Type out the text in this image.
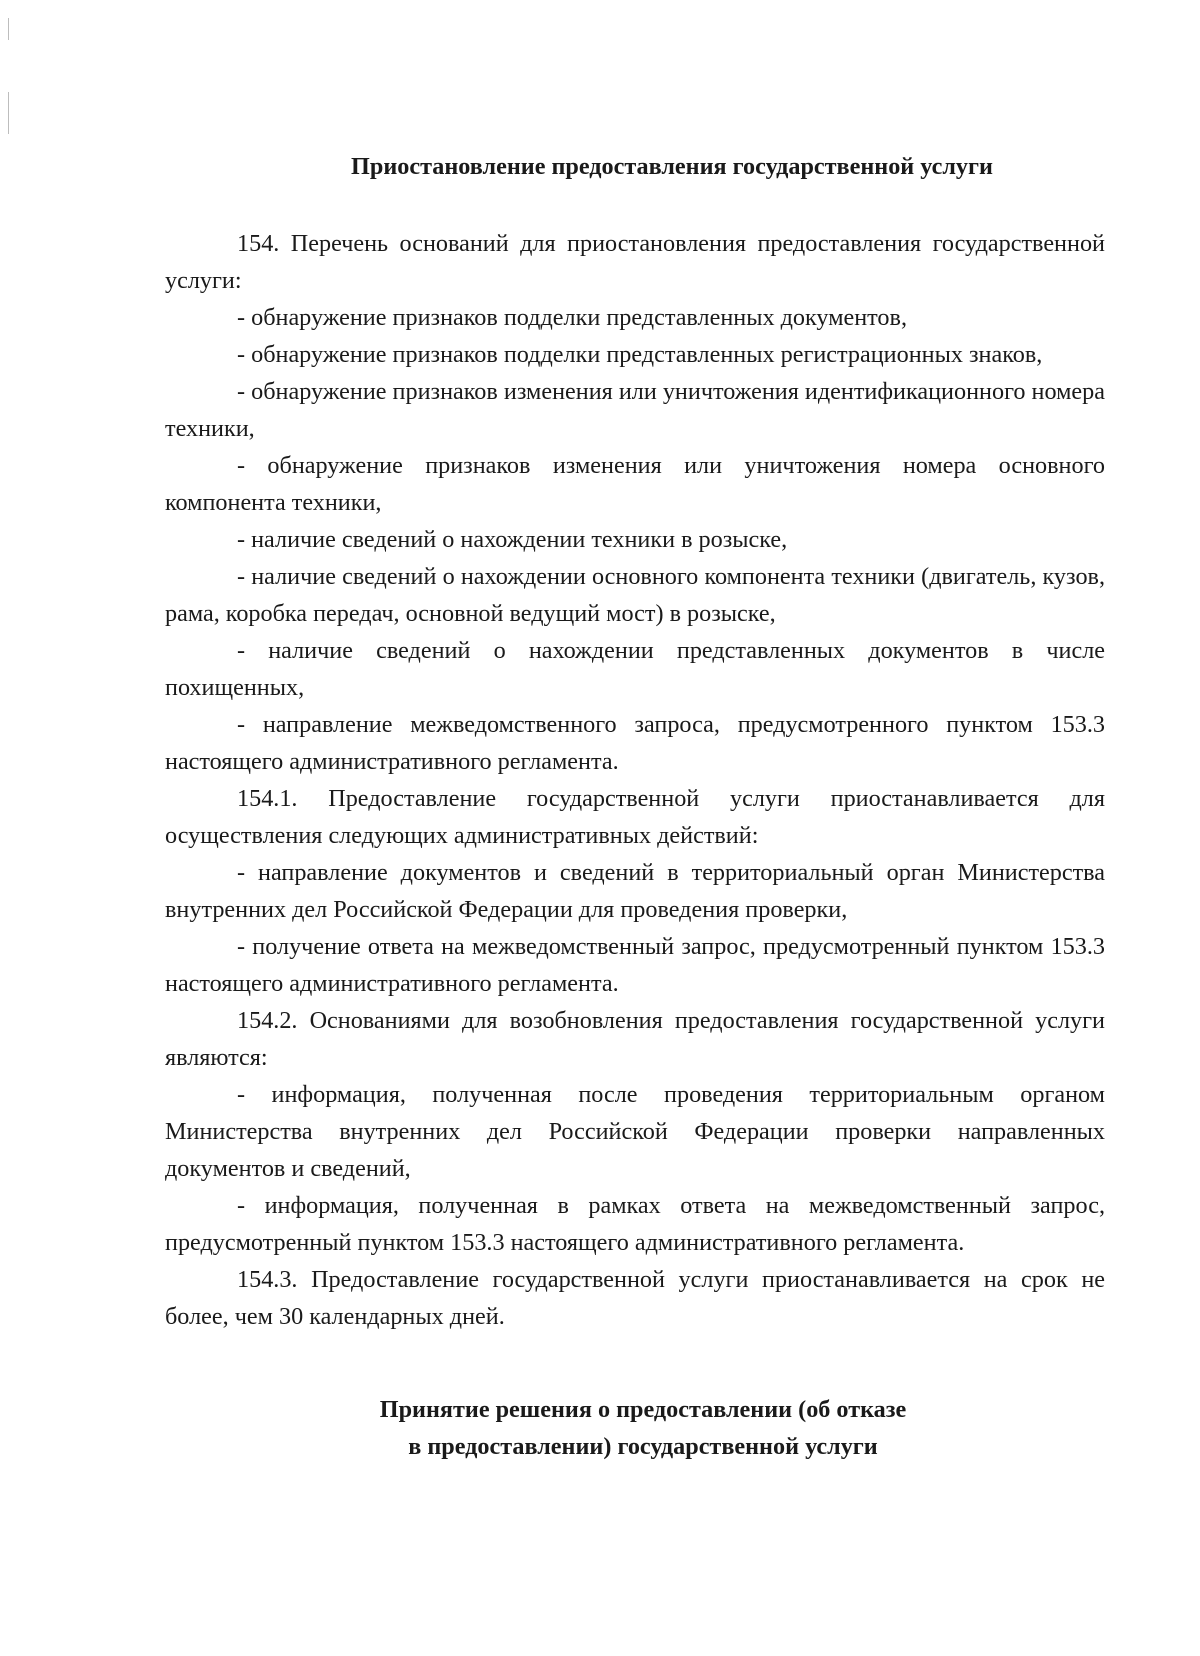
Приостановление предоставления государственной услуги

154. Перечень оснований для приостановления предоставления государственной услуги:

- обнаружение признаков подделки представленных документов,

- обнаружение признаков подделки представленных регистрационных знаков,

- обнаружение признаков изменения или уничтожения идентификационного номера техники,

- обнаружение признаков изменения или уничтожения номера основного компонента техники,

- наличие сведений о нахождении техники в розыске,

- наличие сведений о нахождении основного компонента техники (двигатель, кузов, рама, коробка передач, основной ведущий мост) в розыске,

- наличие сведений о нахождении представленных документов в числе похищенных,

- направление межведомственного запроса, предусмотренного пунктом 153.3 настоящего административного регламента.

154.1. Предоставление государственной услуги приостанавливается для осуществления следующих административных действий:

- направление документов и сведений в территориальный орган Министерства внутренних дел Российской Федерации для проведения проверки,

- получение ответа на межведомственный запрос, предусмотренный пунктом 153.3 настоящего административного регламента.

154.2. Основаниями для возобновления предоставления государственной услуги являются:

- информация, полученная после проведения территориальным органом Министерства внутренних дел Российской Федерации проверки направленных документов и сведений,

- информация, полученная в рамках ответа на межведомственный запрос, предусмотренный пунктом 153.3 настоящего административного регламента.

154.3. Предоставление государственной услуги приостанавливается на срок не более, чем 30 календарных дней.

Принятие решения о предоставлении (об отказе
в предоставлении) государственной услуги
